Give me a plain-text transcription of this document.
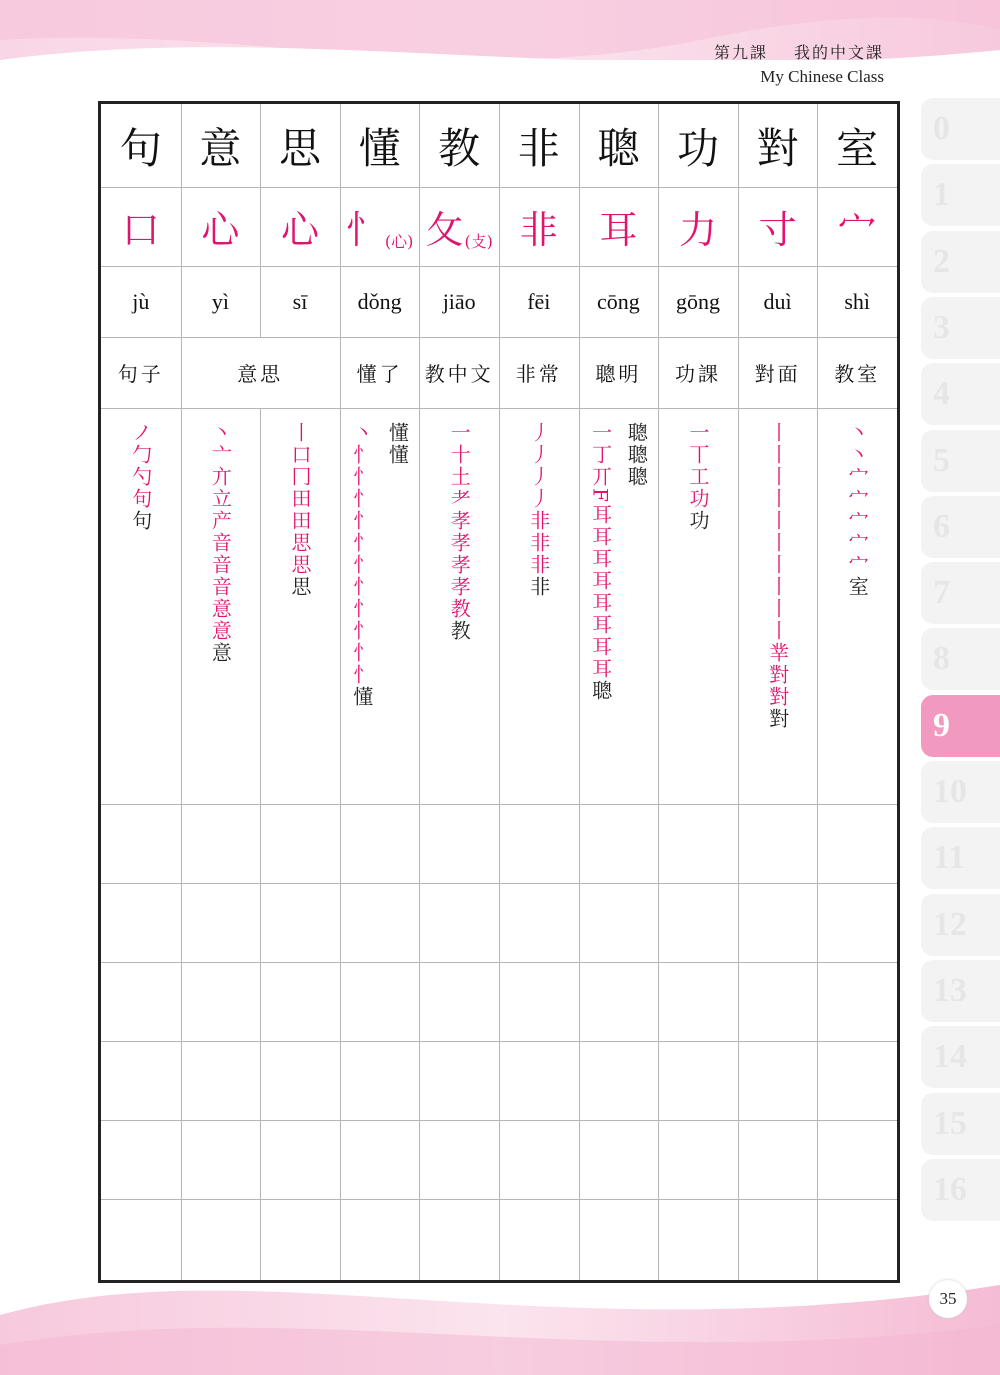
第九課 我的中文課
My Chinese Class
句
口
jù
句子
意
心
yì
思
心
sī
懂
忄 (心)
dǒng
懂了
教
攵 (攴)
jiāo
教中文
非
非
fēi
非常
聰
耳
cōng
聰明
功
力
gōng
功課
對
寸
duì
對面
室
宀
shì
教室
意思
ノ勹勺句句
丶亠亣立产音音音意意意
丨口冂田田思思思
懂懂
丶忄忄忄忄忄忄忄忄忄忄忄懂
一十土耂孝孝孝孝教教
丿丿丿丿非非非非
聰聰聰
一丁丌F耳耳耳耳耳耳耳耳聰
一丅工功功
丨丨丨丨丨丨丨丨丨丨丵對對對
丶丶宀宀宀宀宀室
0
1
2
3
4
5
6
7
8
9
10
11
12
13
14
15
16
35
